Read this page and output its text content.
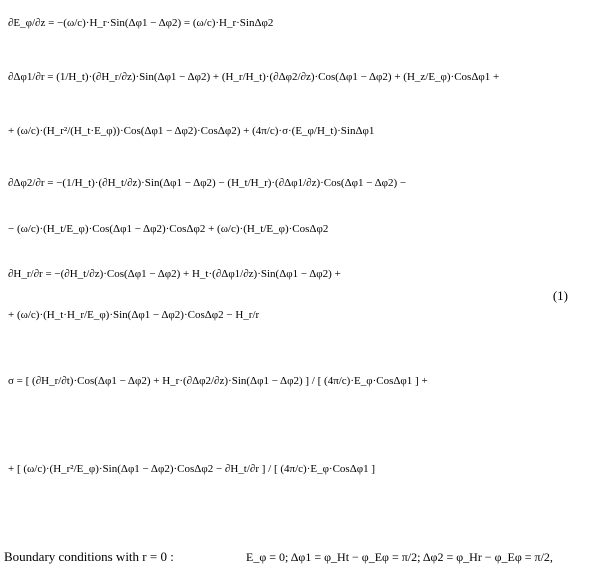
∂E_φ/∂z = −(ω/c)·H_r·Sin(Δφ1 − Δφ2) = (ω/c)·H_r·SinΔφ2
∂Δφ1/∂r = (1/H_t)·(∂H_r/∂z)·Sin(Δφ1 − Δφ2) + (H_r/H_t)·(∂Δφ2/∂z)·Cos(Δφ1 − Δφ2) + (H_z/E_φ)·CosΔφ1 +
+ (ω/c)·(H_r²/(H_t·E_φ))·Cos(Δφ1 − Δφ2)·CosΔφ2) + (4π/c)·σ·(E_φ/H_t)·SinΔφ1
∂Δφ2/∂r = −(1/H_t)·(∂H_t/∂z)·Sin(Δφ1 − Δφ2) − (H_t/H_r)·(∂Δφ1/∂z)·Cos(Δφ1 − Δφ2) −
− (ω/c)·(H_t/E_φ)·Cos(Δφ1 − Δφ2)·CosΔφ2 + (ω/c)·(H_t/E_φ)·CosΔφ2
∂H_r/∂r = −(∂H_t/∂z)·Cos(Δφ1 − Δφ2) + H_t·(∂Δφ1/∂z)·Sin(Δφ1 − Δφ2) +
+ (ω/c)·(H_t·H_r/E_φ)·Sin(Δφ1 − Δφ2)·CosΔφ2 − H_r/r
(1)
σ = [ (∂H_r/∂t)·Cos(Δφ1 − Δφ2) + H_r·(∂Δφ2/∂z)·Sin(Δφ1 − Δφ2) ] / [ (4π/c)·E_φ·CosΔφ1 ] +
+ [ (ω/c)·(H_r²/E_φ)·Sin(Δφ1 − Δφ2)·CosΔφ2 − ∂H_t/∂r ] / [ (4π/c)·E_φ·CosΔφ1 ]
Boundary conditions with r = 0 :	E_φ = 0; Δφ1 = φ_Ht − φ_Eφ = π/2; Δφ2 = φ_Hr − φ_Eφ = π/2,
